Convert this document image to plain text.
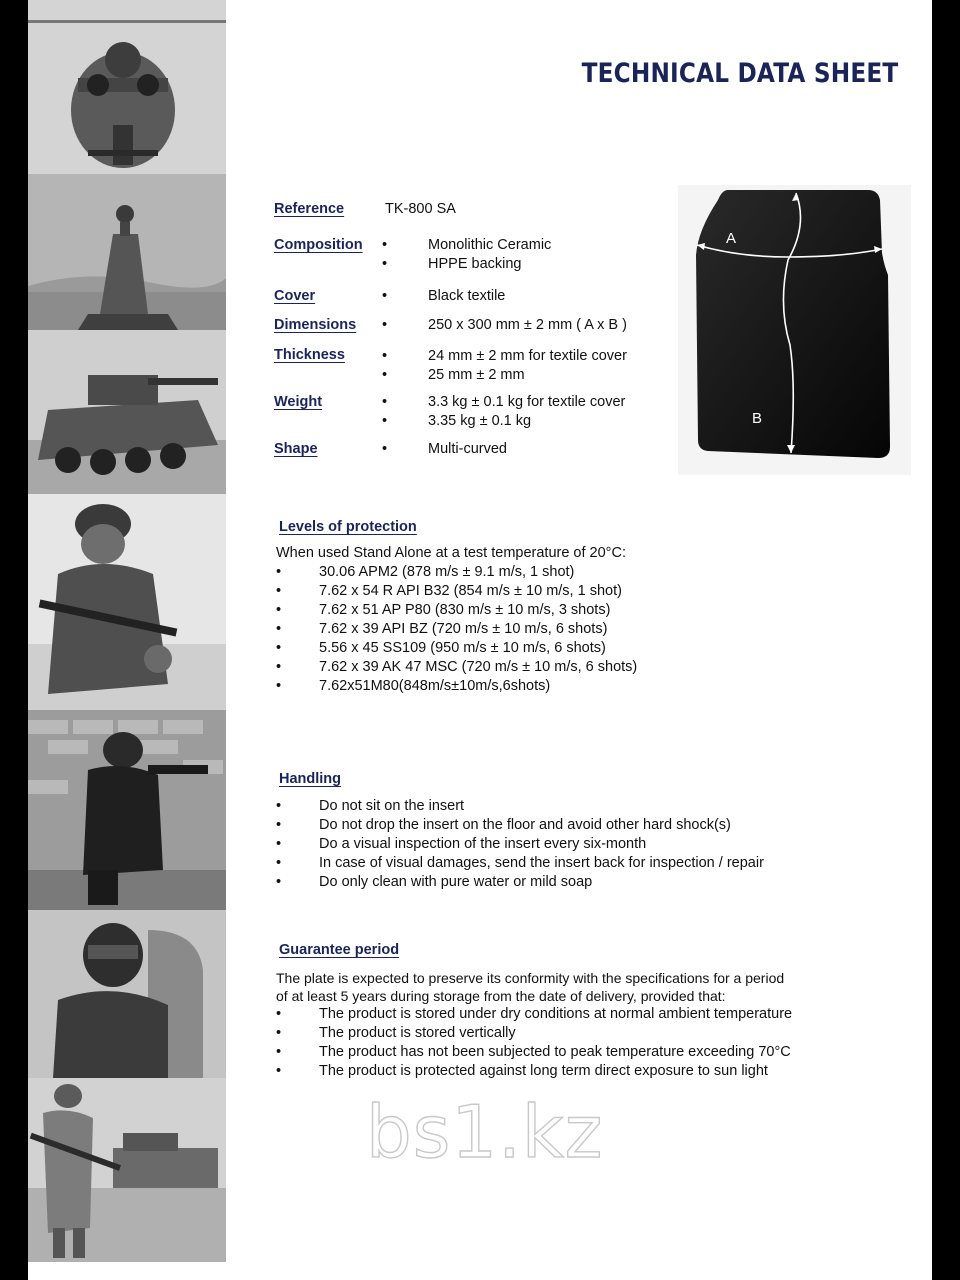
TECHNICAL DATA SHEET
Reference	TK-800 SA
Composition •	Monolithic Ceramic
•	HPPE backing
Cover	•	Black textile
Dimensions •	250 x 300 mm ± 2 mm ( A x B )
Thickness	•	24 mm ± 2 mm for textile cover
•	25 mm ± 2 mm
Weight	•	3.3 kg ± 0.1 kg for textile cover
•	3.35 kg ± 0.1 kg
Shape	•	Multi-curved
A
B
Levels of protection
When used Stand Alone at a test temperature of 20°C:
•	30.06 APM2 (878 m/s ± 9.1 m/s, 1 shot)
•	7.62 x 54 R API B32 (854 m/s ± 10 m/s, 1 shot)
•	7.62 x 51 AP P80 (830 m/s ± 10 m/s, 3 shots)
•	7.62 x 39 API BZ (720 m/s ± 10 m/s, 6 shots)
•	5.56 x 45 SS109 (950 m/s ± 10 m/s, 6 shots)
•	7.62 x 39 AK 47 MSC (720 m/s ± 10 m/s, 6 shots)
•	7.62x51M80(848m/s±10m/s,6shots)
Handling
•	Do not sit on the insert
•	Do not drop the insert on the floor and avoid other hard shock(s)
•	Do a visual inspection of the insert every six-month
•	In case of visual damages, send the insert back for inspection / repair
•	Do only clean with pure water or mild soap
Guarantee period
The plate is expected to preserve its conformity with the specifications for a period
of at least 5 years during storage from the date of delivery, provided that:
•	The product is stored under dry conditions at normal ambient temperature
•	The product is stored vertically
•	The product has not been subjected to peak temperature exceeding 70°C
•	The product is protected against long term direct exposure to sun light
bs1.kz
